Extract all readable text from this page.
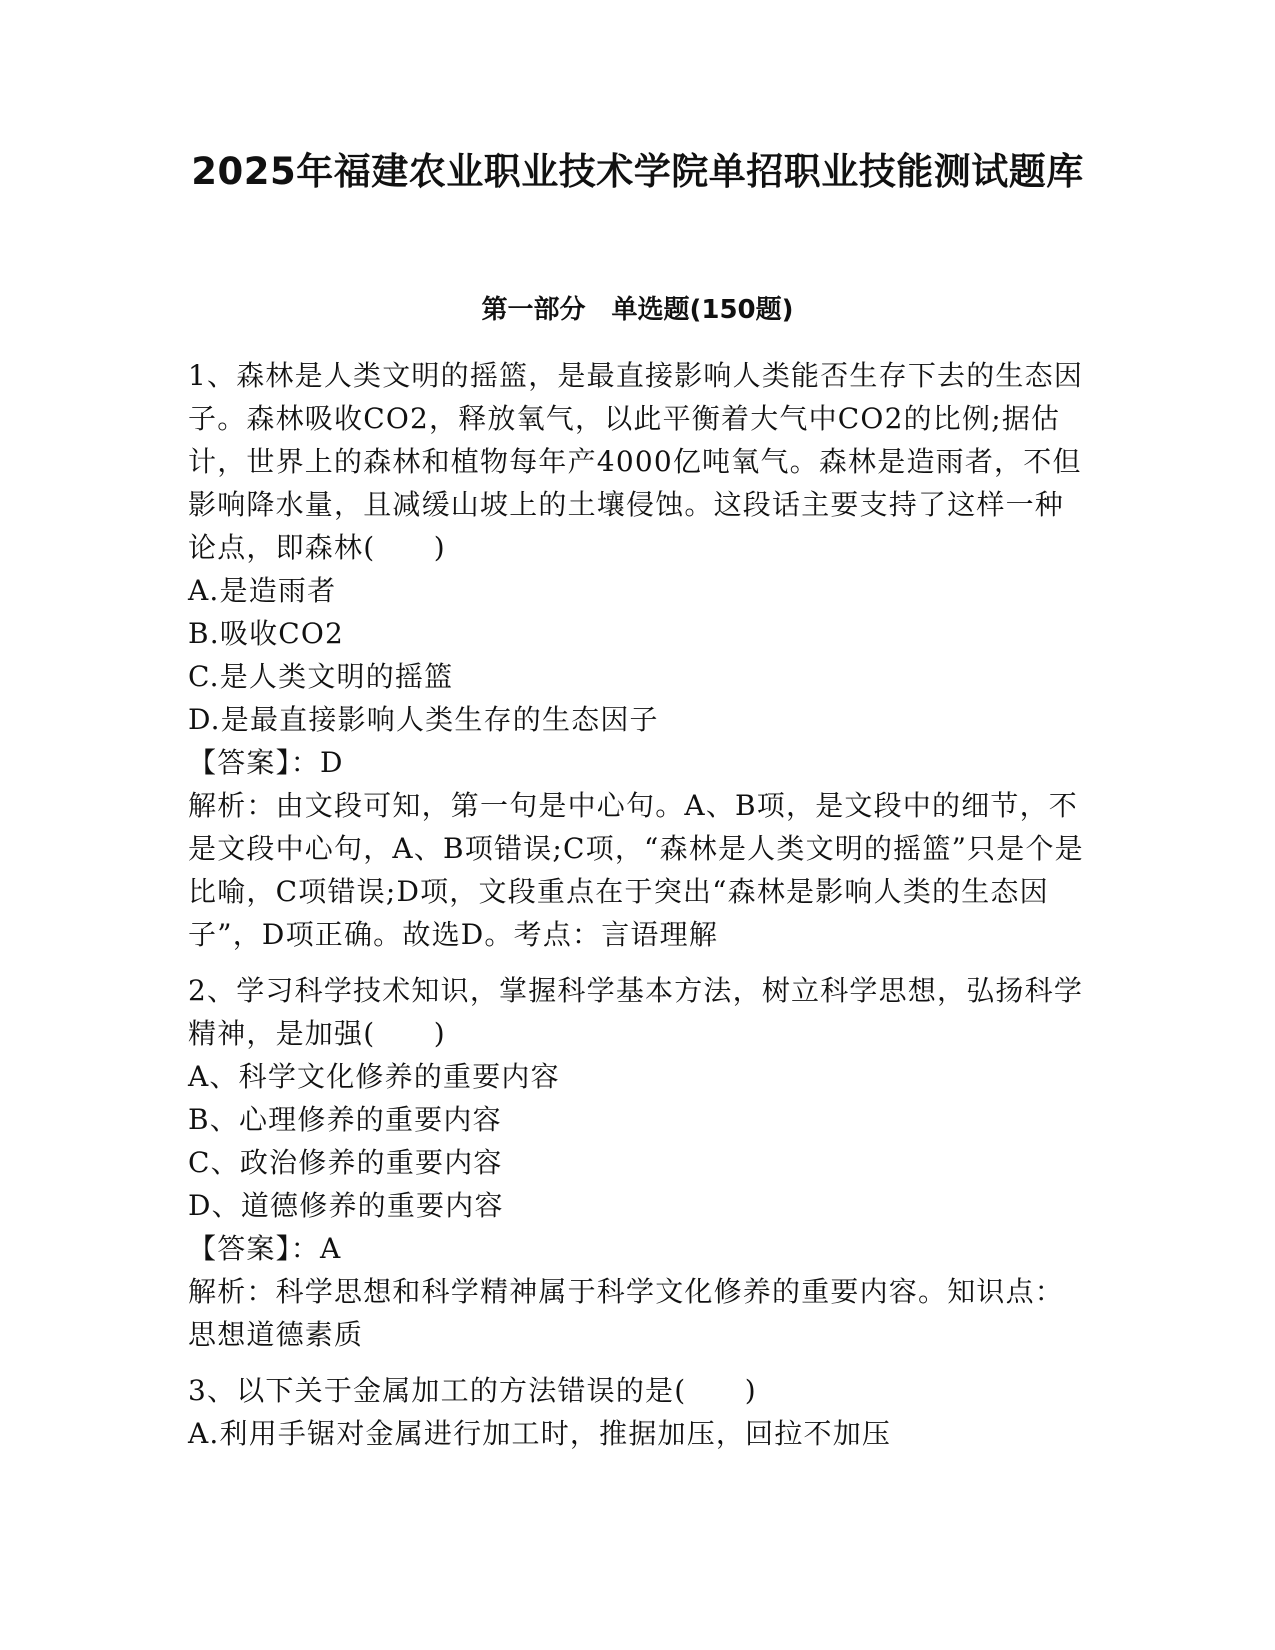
2025年福建农业职业技术学院单招职业技能测试题库
第一部分　单选题(150题)

1、森林是人类文明的摇篮，是最直接影响人类能否生存下去的生态因子。森林吸收CO2，释放氧气，以此平衡着大气中CO2的比例;据估计，世界上的森林和植物每年产4000亿吨氧气。森林是造雨者，不但影响降水量，且减缓山坡上的土壤侵蚀。这段话主要支持了这样一种论点，即森林(　　)

A.是造雨者

B.吸收CO2

C.是人类文明的摇篮

D.是最直接影响人类生存的生态因子

【答案】：D

解析：由文段可知，第一句是中心句。A、B项，是文段中的细节，不是文段中心句，A、B项错误;C项，“森林是人类文明的摇篮”只是个是比喻，C项错误;D项，文段重点在于突出“森林是影响人类的生态因子”，D项正确。故选D。考点：言语理解

2、学习科学技术知识，掌握科学基本方法，树立科学思想，弘扬科学精神，是加强(　　)

A、科学文化修养的重要内容

B、心理修养的重要内容

C、政治修养的重要内容

D、道德修养的重要内容

【答案】：A

解析：科学思想和科学精神属于科学文化修养的重要内容。知识点：思想道德素质

3、以下关于金属加工的方法错误的是(　　)

A.利用手锯对金属进行加工时，推据加压，回拉不加压
